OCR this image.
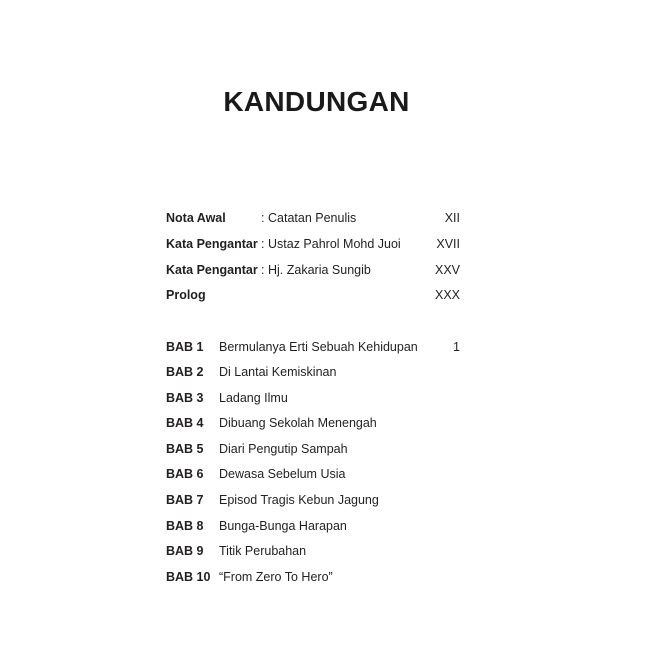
KANDUNGAN
Nota Awal	: Catatan Penulis	XII
Kata Pengantar : Ustaz Pahrol Mohd Juoi	XVII
Kata Pengantar : Hj. Zakaria Sungib	XXV
Prolog	XXX
BAB 1 Bermulanya Erti Sebuah Kehidupan	1
BAB 2 Di Lantai Kemiskinan
BAB 3 Ladang Ilmu
BAB 4 Dibuang Sekolah Menengah
BAB 5 Diari Pengutip Sampah
BAB 6 Dewasa Sebelum Usia
BAB 7 Episod Tragis Kebun Jagung
BAB 8 Bunga-Bunga Harapan
BAB 9 Titik Perubahan
BAB 10 “From Zero To Hero”
